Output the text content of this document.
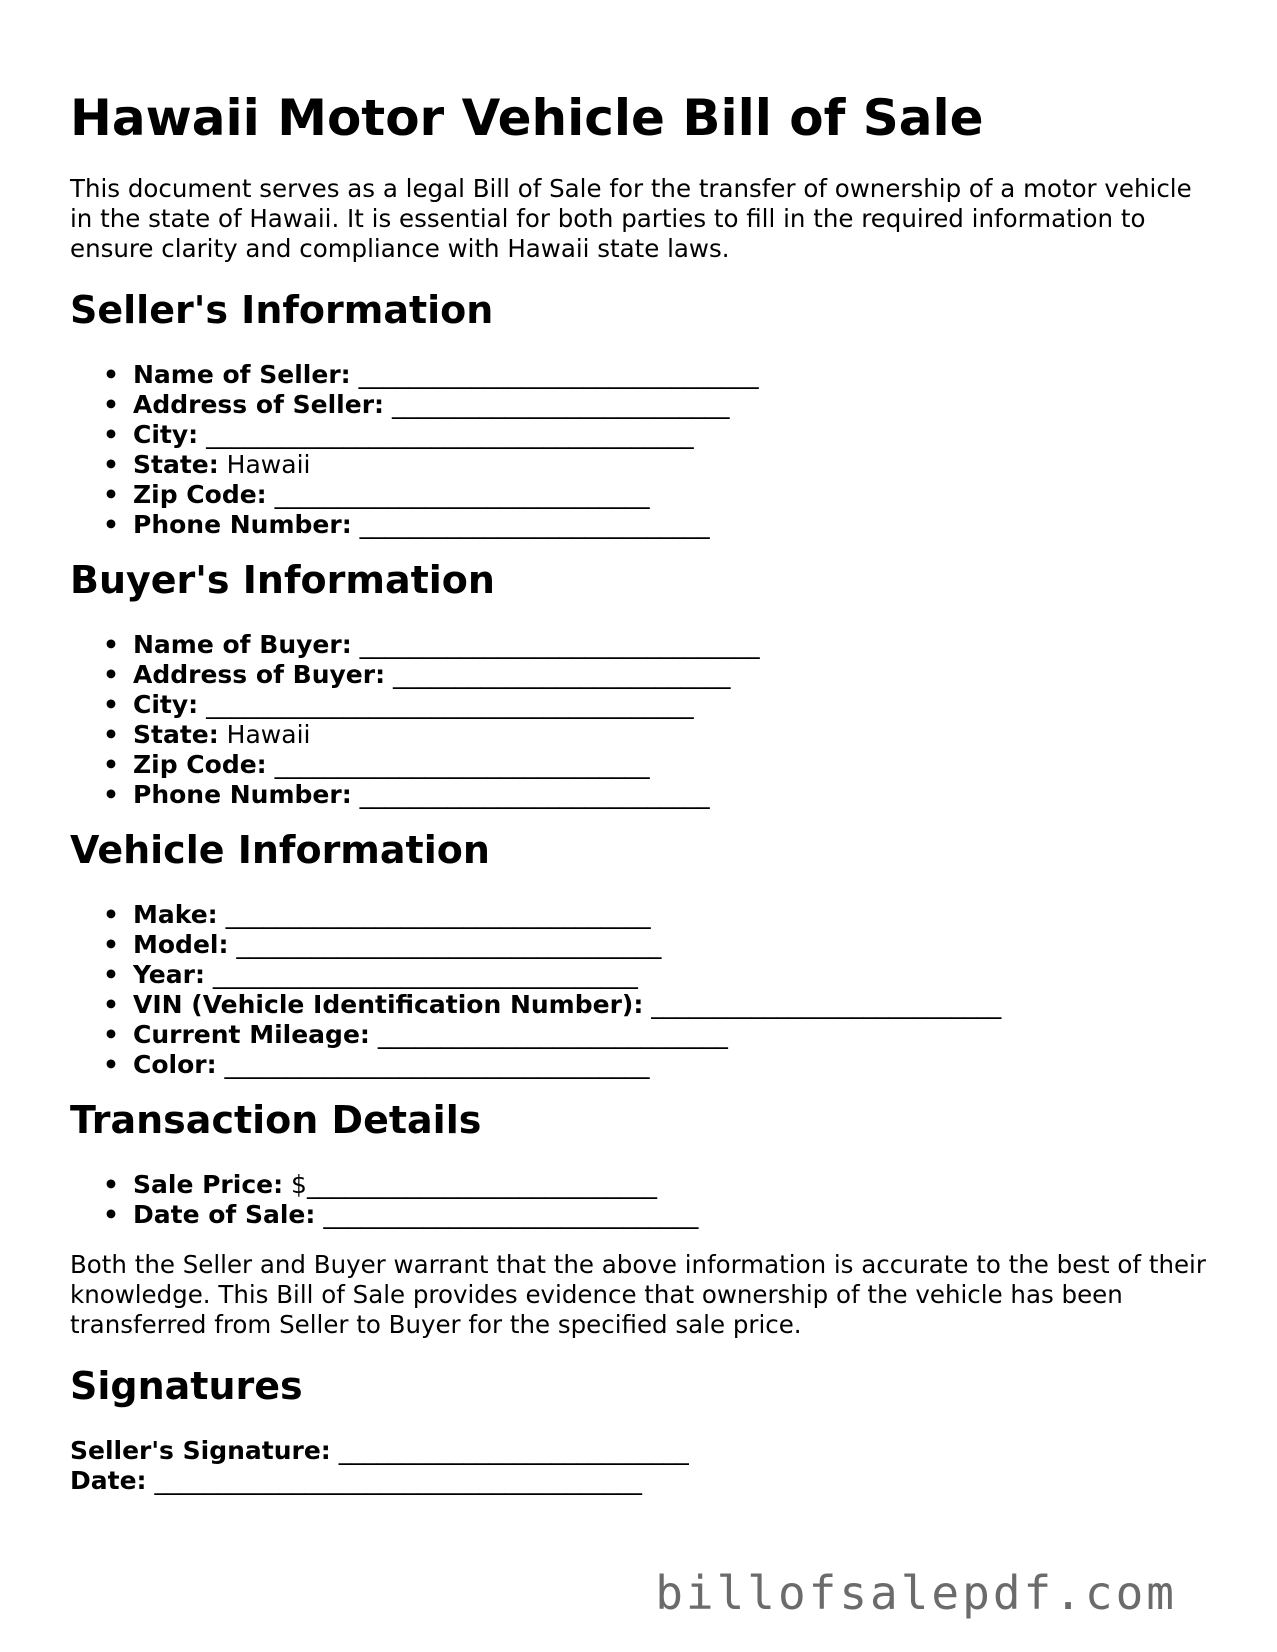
Hawaii Motor Vehicle Bill of Sale

This document serves as a legal Bill of Sale for the transfer of ownership of a motor vehicle in the state of Hawaii. It is essential for both parties to fill in the required information to ensure clarity and compliance with Hawaii state laws.

Seller's Information
• Name of Seller: ________________________________
• Address of Seller: ___________________________
• City: _______________________________________
• State: Hawaii
• Zip Code: ______________________________
• Phone Number: ____________________________
Buyer's Information
• Name of Buyer: ________________________________
• Address of Buyer: ___________________________
• City: _______________________________________
• State: Hawaii
• Zip Code: ______________________________
• Phone Number: ____________________________
Vehicle Information
• Make: __________________________________
• Model: __________________________________
• Year: __________________________________
• VIN (Vehicle Identification Number): ____________________________
• Current Mileage: ____________________________
• Color: __________________________________
Transaction Details
• Sale Price: $____________________________
• Date of Sale: ______________________________

Both the Seller and Buyer warrant that the above information is accurate to the best of their knowledge. This Bill of Sale provides evidence that ownership of the vehicle has been transferred from Seller to Buyer for the specified sale price.

Signatures
Seller's Signature: ____________________________
Date: _______________________________________
billofsalepdf.com
